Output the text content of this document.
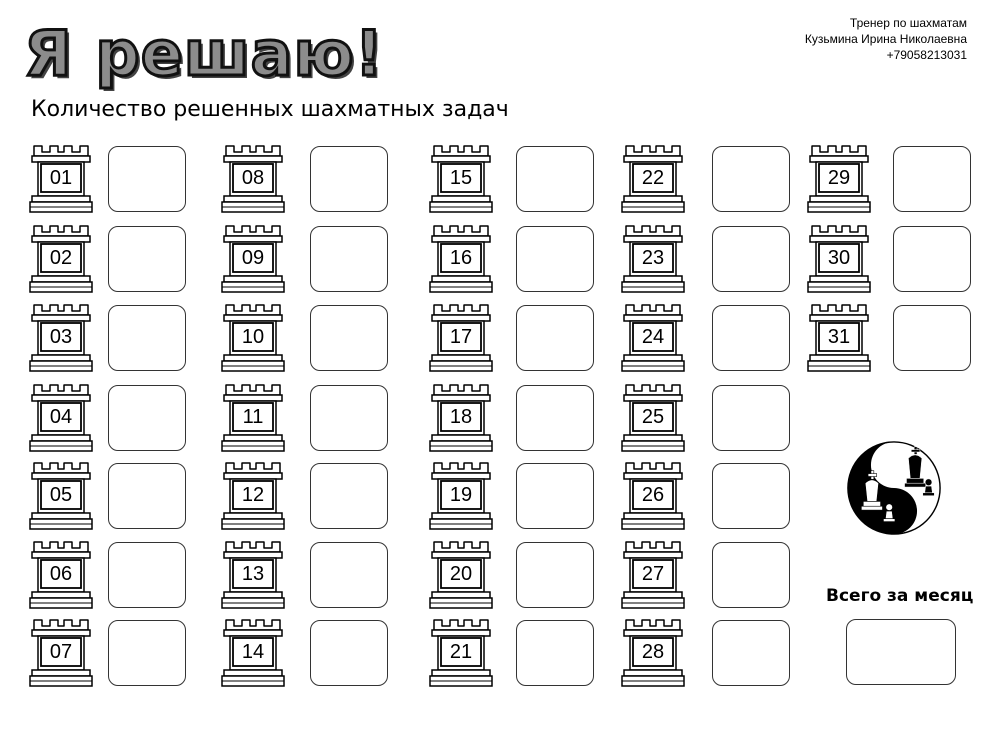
Я решаю!
Количество решенных шахматных задач
Тренер по шахматам
Кузьмина Ирина Николаевна
+79058213031
01
02
03
04
05
06
07
08
09
10
11
12
13
14
15
16
17
18
19
20
21
22
23
24
25
26
27
28
29
30
31
Всего за месяц
